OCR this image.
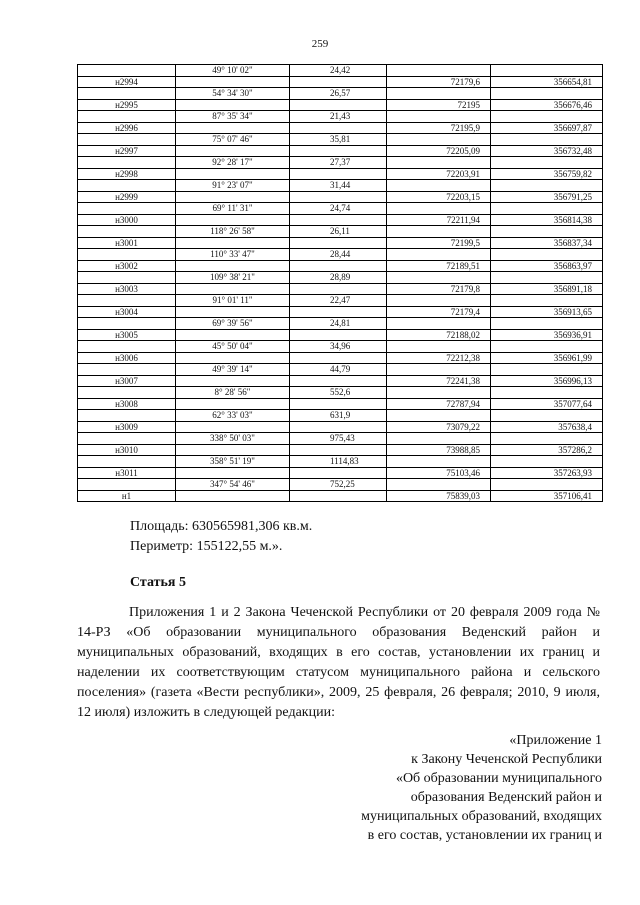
259
	49° 10' 02"	24,42		
н2994			72179,6	356654,81
	54° 34' 30"	26,57		
н2995			72195	356676,46
	87° 35' 34"	21,43		
н2996			72195,9	356697,87
	75° 07' 46"	35,81		
н2997			72205,09	356732,48
	92° 28' 17"	27,37		
н2998			72203,91	356759,82
	91° 23' 07"	31,44		
н2999			72203,15	356791,25
	69° 11' 31"	24,74		
н3000			72211,94	356814,38
	118° 26' 58"	26,11		
н3001			72199,5	356837,34
	110° 33' 47"	28,44		
н3002			72189,51	356863,97
	109° 38' 21"	28,89		
н3003			72179,8	356891,18
	91° 01' 11"	22,47		
н3004			72179,4	356913,65
	69° 39' 56"	24,81		
н3005			72188,02	356936,91
	45° 50' 04"	34,96		
н3006			72212,38	356961,99
	49° 39' 14"	44,79		
н3007			72241,38	356996,13
	8° 28' 56"	552,6		
н3008			72787,94	357077,64
	62° 33' 03"	631,9		
н3009			73079,22	357638,4
	338° 50' 03"	975,43		
н3010			73988,85	357286,2
	358° 51' 19"	1114,83		
н3011			75103,46	357263,93
	347° 54' 46"	752,25		
н1			75839,03	357106,41
Площадь: 630565981,306 кв.м.
Периметр: 155122,55 м.».
Статья 5

Приложения 1 и 2 Закона Чеченской Республики от 20 февраля 2009 года № 14-РЗ «Об образовании муниципального образования Веденский район и муниципальных образований, входящих в его состав, установлении их границ и наделении их соответствующим статусом муниципального района и сельского поселения» (газета «Вести республики», 2009, 25 февраля, 26 февраля; 2010, 9 июля, 12 июля) изложить в следующей редакции:

«Приложение 1
к Закону Чеченской Республики
«Об образовании муниципального
образования Веденский район и
муниципальных образований, входящих
в его состав, установлении их границ и
